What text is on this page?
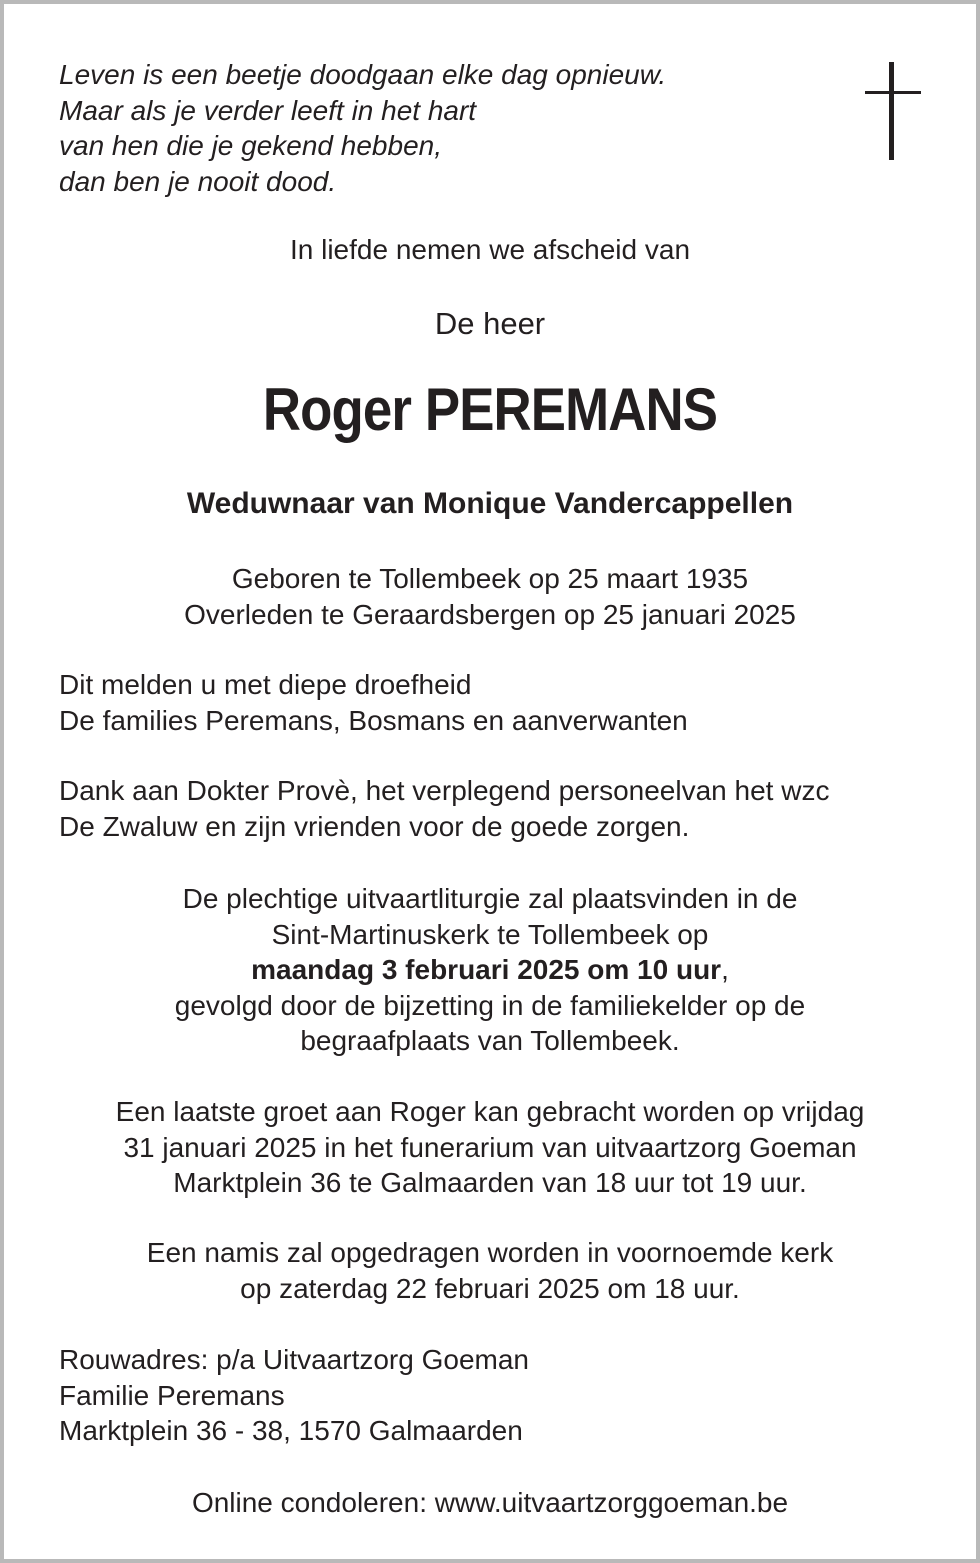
Leven is een beetje doodgaan elke dag opnieuw.
Maar als je verder leeft in het hart
van hen die je gekend hebben,
dan ben je nooit dood.
In liefde nemen we afscheid van
De heer
Roger PEREMANS
Weduwnaar van Monique Vandercappellen
Geboren te Tollembeek op 25 maart 1935
Overleden te Geraardsbergen op 25 januari 2025
Dit melden u met diepe droefheid
De families Peremans, Bosmans en aanverwanten
Dank aan Dokter Provè, het verplegend personeelvan het wzc
De Zwaluw en zijn vrienden voor de goede zorgen.
De plechtige uitvaartliturgie zal plaatsvinden in de
Sint-Martinuskerk te Tollembeek op
maandag 3 februari 2025 om 10 uur,
gevolgd door de bijzetting in de familiekelder op de
begraafplaats van Tollembeek.
Een laatste groet aan Roger kan gebracht worden op vrijdag
31 januari 2025 in het funerarium van uitvaartzorg Goeman
Marktplein 36 te Galmaarden van 18 uur tot 19 uur.
Een namis zal opgedragen worden in voornoemde kerk
op zaterdag 22 februari 2025 om 18 uur.
Rouwadres: p/a Uitvaartzorg Goeman
Familie Peremans
Marktplein 36 - 38, 1570 Galmaarden
Online condoleren: www.uitvaartzorggoeman.be
